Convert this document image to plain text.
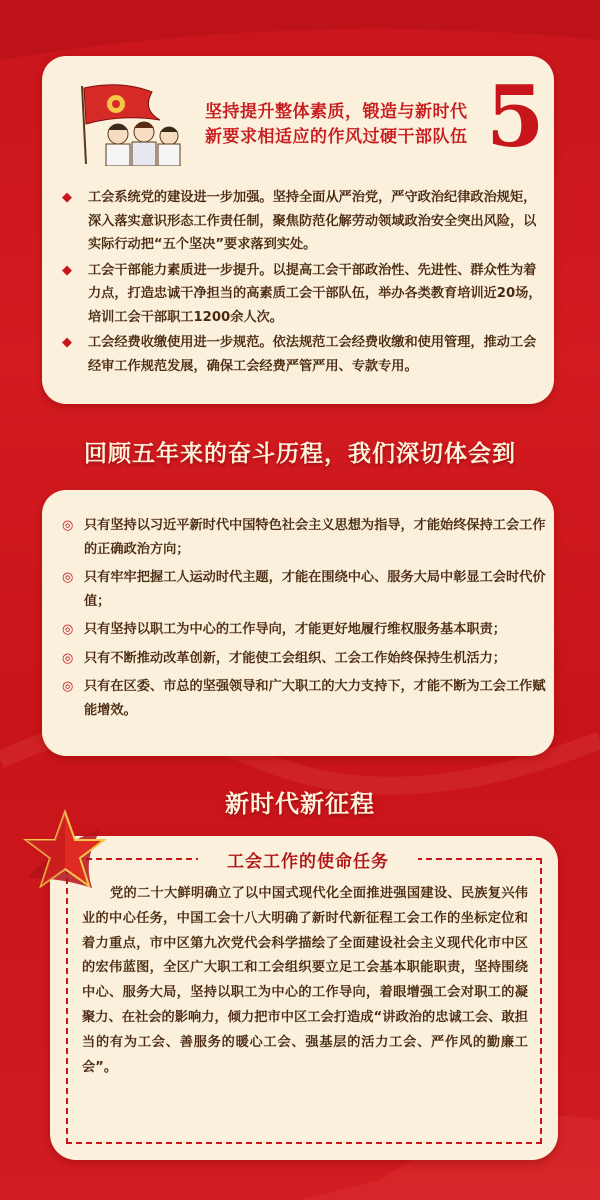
坚持提升整体素质，锻造与新时代
新要求相适应的作风过硬干部队伍 5
◆ 工会系统党的建设进一步加强。坚持全面从严治党，严守政治纪律政治规矩，深入落实意识形态工作责任制，聚焦防范化解劳动领域政治安全突出风险，以实际行动把“五个坚决”要求落到实处。
◆ 工会干部能力素质进一步提升。以提高工会干部政治性、先进性、群众性为着力点，打造忠诚干净担当的高素质工会干部队伍，举办各类教育培训近20场，培训工会干部职工1200余人次。
◆ 工会经费收缴使用进一步规范。依法规范工会经费收缴和使用管理，推动工会经审工作规范发展，确保工会经费严管严用、专款专用。
回顾五年来的奋斗历程，我们深切体会到
◎ 只有坚持以习近平新时代中国特色社会主义思想为指导，才能始终保持工会工作的正确政治方向；
◎ 只有牢牢把握工人运动时代主题，才能在围绕中心、服务大局中彰显工会时代价值；
◎ 只有坚持以职工为中心的工作导向，才能更好地履行维权服务基本职责；
◎ 只有不断推动改革创新，才能使工会组织、工会工作始终保持生机活力；
◎ 只有在区委、市总的坚强领导和广大职工的大力支持下，才能不断为工会工作赋能增效。
新时代新征程
工会工作的使命任务

党的二十大鲜明确立了以中国式现代化全面推进强国建设、民族复兴伟业的中心任务，中国工会十八大明确了新时代新征程工会工作的坐标定位和着力重点，市中区第九次党代会科学描绘了全面建设社会主义现代化市中区的宏伟蓝图，全区广大职工和工会组织要立足工会基本职能职责，坚持围绕中心、服务大局，坚持以职工为中心的工作导向，着眼增强工会对职工的凝聚力、在社会的影响力，倾力把市中区工会打造成“讲政治的忠诚工会、敢担当的有为工会、善服务的暖心工会、强基层的活力工会、严作风的勤廉工会”。
